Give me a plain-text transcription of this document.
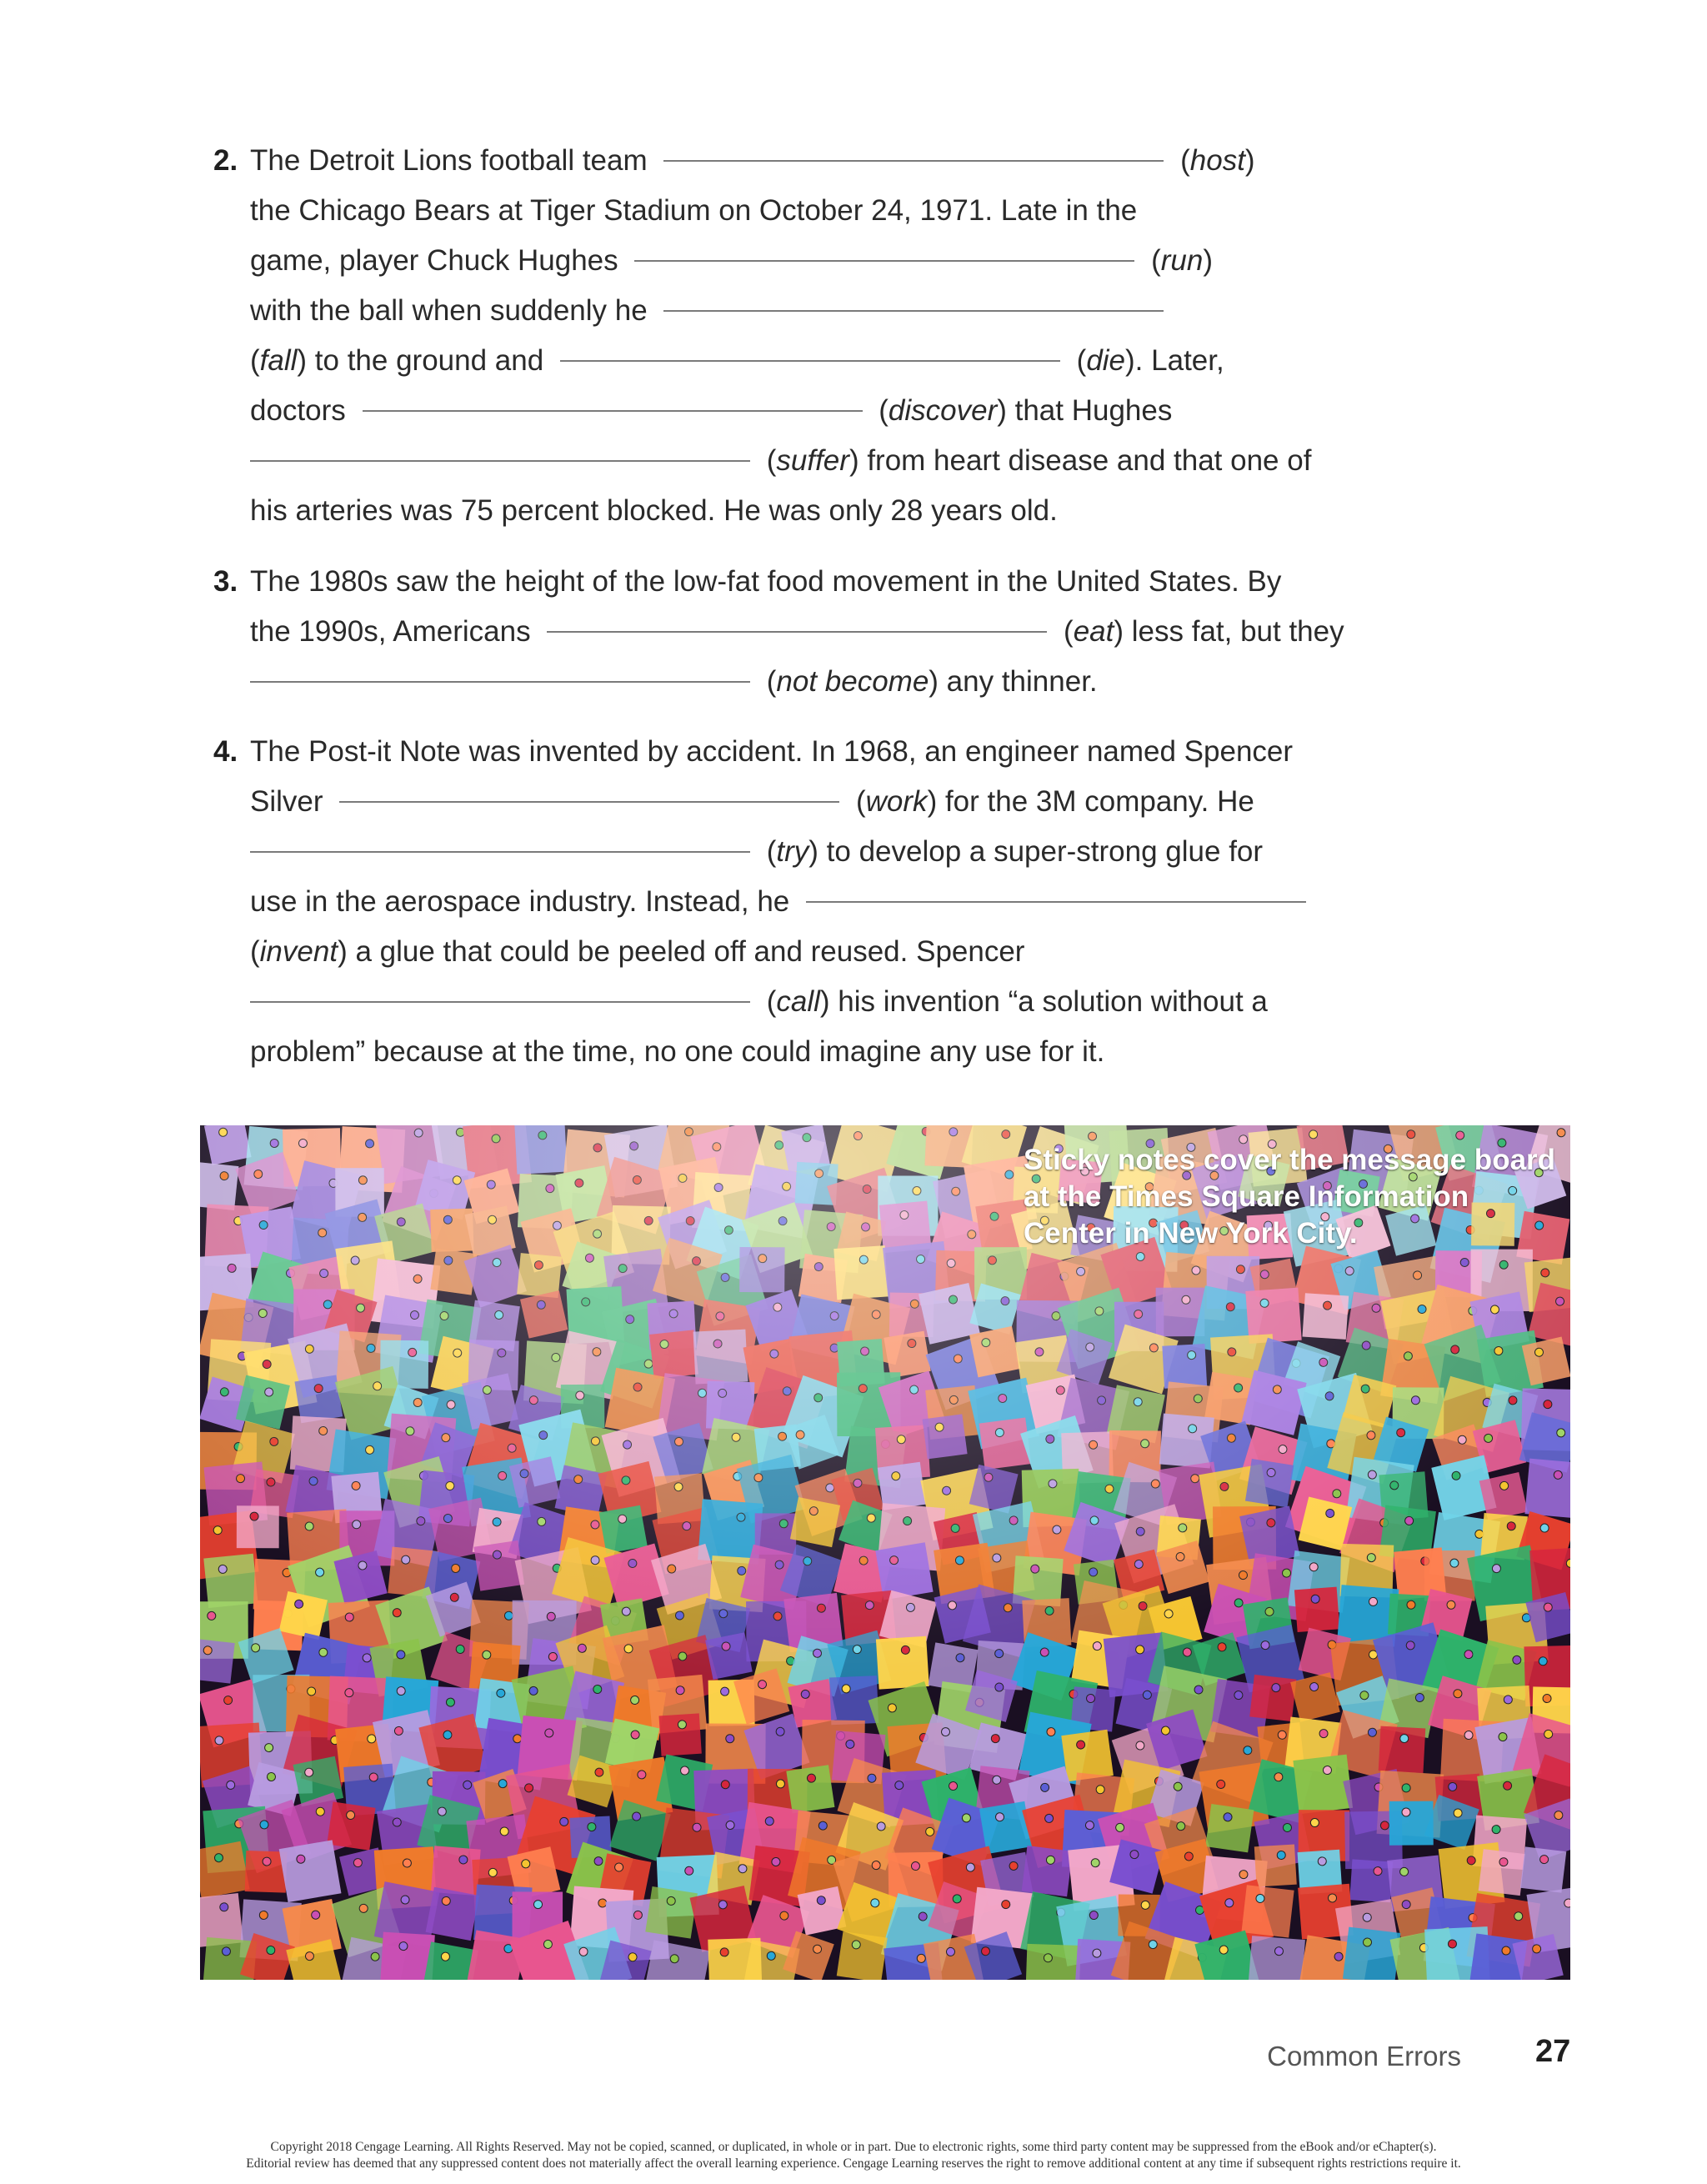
2. The Detroit Lions football team	(host)
the Chicago Bears at Tiger Stadium on October 24, 1971. Late in the
game, player Chuck Hughes	(run)
with the ball when suddenly he
(fall) to the ground and	(die). Later,
doctors	(discover) that Hughes
(suffer) from heart disease and that one of
his arteries was 75 percent blocked. He was only 28 years old.
3. The 1980s saw the height of the low-fat food movement in the United States. By
the 1990s, Americans	(eat) less fat, but they
(not become) any thinner.
4. The Post-it Note was invented by accident. In 1968, an engineer named Spencer
Silver	(work) for the 3M company. He
(try) to develop a super-strong glue for
use in the aerospace industry. Instead, he
(invent) a glue that could be peeled off and reused. Spencer
(call) his invention “a solution without a
problem” because at the time, no one could imagine any use for it.
Sticky notes cover the message board at the Times Square Information Center in New York City.
Common Errors 27
Copyright 2018 Cengage Learning. All Rights Reserved. May not be copied, scanned, or duplicated, in whole or in part. Due to electronic rights, some third party content may be suppressed from the eBook and/or eChapter(s).
Editorial review has deemed that any suppressed content does not materially affect the overall learning experience. Cengage Learning reserves the right to remove additional content at any time if subsequent rights restrictions require it.
